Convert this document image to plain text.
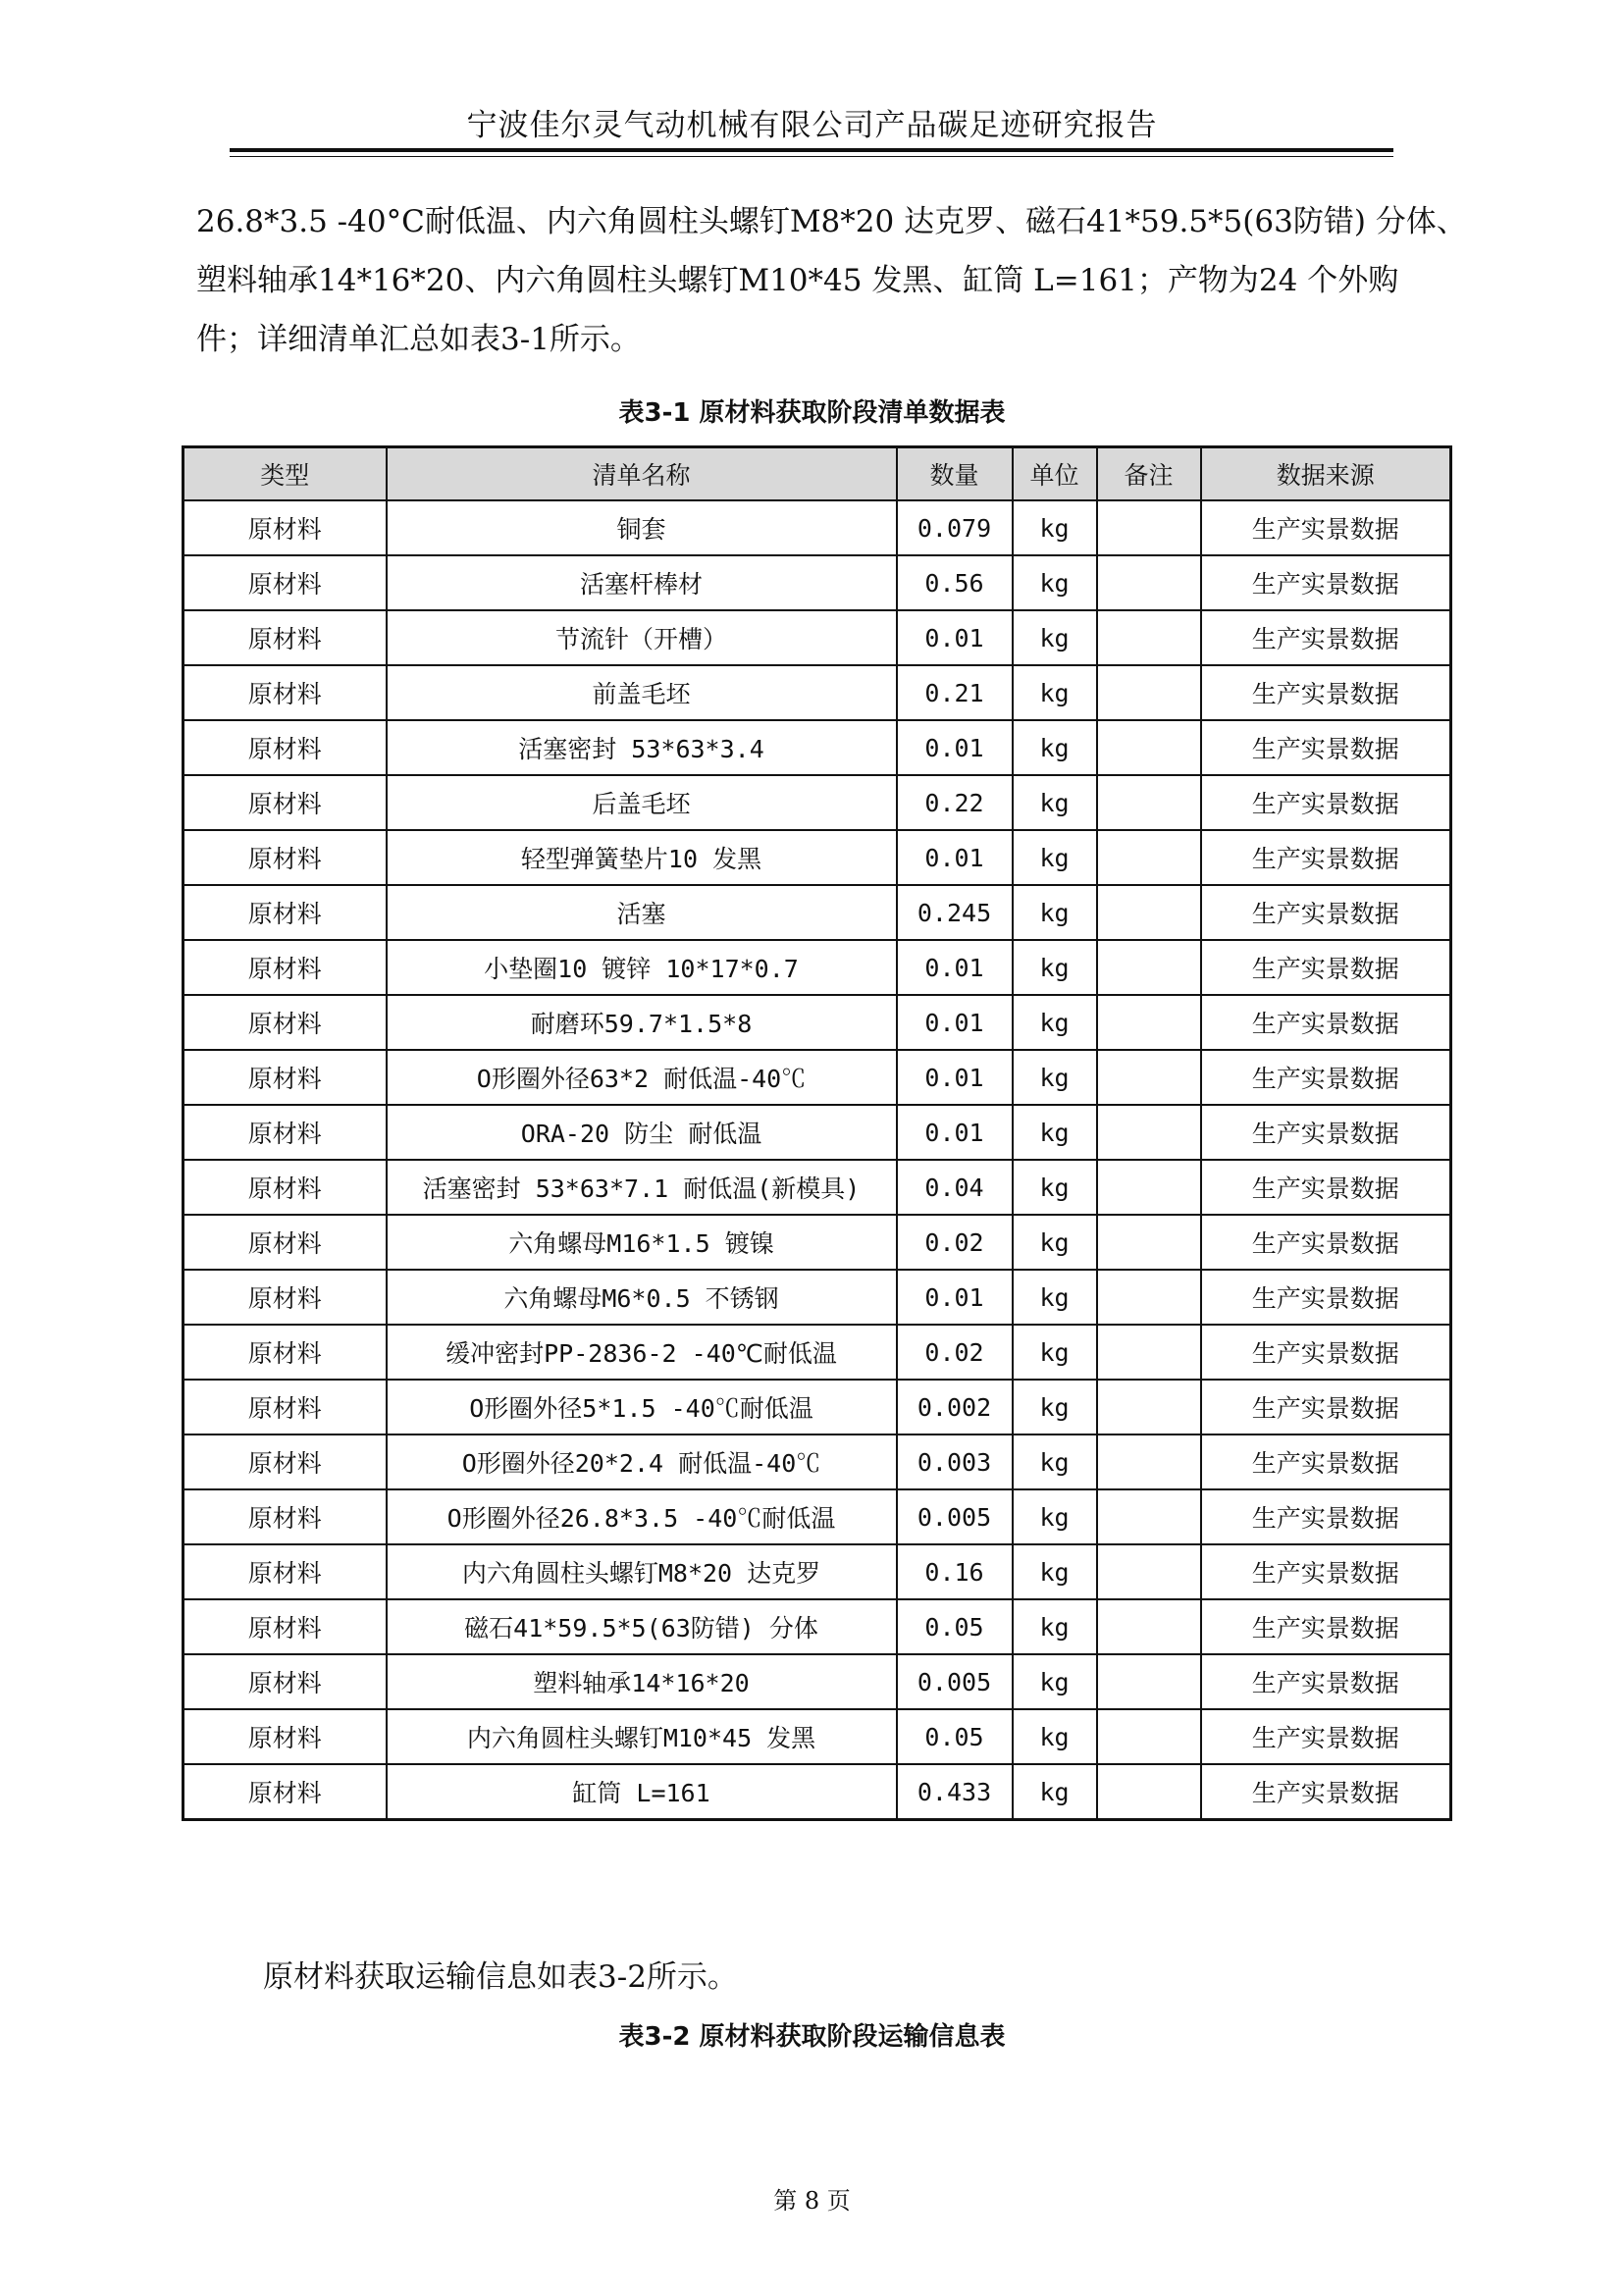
宁波佳尔灵气动机械有限公司产品碳足迹研究报告
26.8*3.5 -40°C耐低温、内六角圆柱头螺钉M8*20 达克罗、磁石41*59.5*5(63防错) 分体、
塑料轴承14*16*20、内六角圆柱头螺钉M10*45 发黑、缸筒 L=161；产物为24 个外购
件；详细清单汇总如表3-1所示。
表3-1 原材料获取阶段清单数据表
类型	清单名称	数量	单位	备注	数据来源
原材料	铜套	0.079	kg		生产实景数据
原材料	活塞杆棒材	0.56	kg		生产实景数据
原材料	节流针（开槽）	0.01	kg		生产实景数据
原材料	前盖毛坯	0.21	kg		生产实景数据
原材料	活塞密封 53*63*3.4	0.01	kg		生产实景数据
原材料	后盖毛坯	0.22	kg		生产实景数据
原材料	轻型弹簧垫片10 发黑	0.01	kg		生产实景数据
原材料	活塞	0.245	kg		生产实景数据
原材料	小垫圈10 镀锌 10*17*0.7	0.01	kg		生产实景数据
原材料	耐磨环59.7*1.5*8	0.01	kg		生产实景数据
原材料	O形圈外径63*2 耐低温-40℃	0.01	kg		生产实景数据
原材料	ORA-20 防尘 耐低温	0.01	kg		生产实景数据
原材料	活塞密封 53*63*7.1 耐低温(新模具)	0.04	kg		生产实景数据
原材料	六角螺母M16*1.5 镀镍	0.02	kg		生产实景数据
原材料	六角螺母M6*0.5 不锈钢	0.01	kg		生产实景数据
原材料	缓冲密封PP-2836-2 -40℃耐低温	0.02	kg		生产实景数据
原材料	O形圈外径5*1.5 -40℃耐低温	0.002	kg		生产实景数据
原材料	O形圈外径20*2.4 耐低温-40℃	0.003	kg		生产实景数据
原材料	O形圈外径26.8*3.5 -40℃耐低温	0.005	kg		生产实景数据
原材料	内六角圆柱头螺钉M8*20 达克罗	0.16	kg		生产实景数据
原材料	磁石41*59.5*5(63防错) 分体	0.05	kg		生产实景数据
原材料	塑料轴承14*16*20	0.005	kg		生产实景数据
原材料	内六角圆柱头螺钉M10*45 发黑	0.05	kg		生产实景数据
原材料	缸筒 L=161	0.433	kg		生产实景数据
原材料获取运输信息如表3-2所示。
表3-2 原材料获取阶段运输信息表
第 8 页
